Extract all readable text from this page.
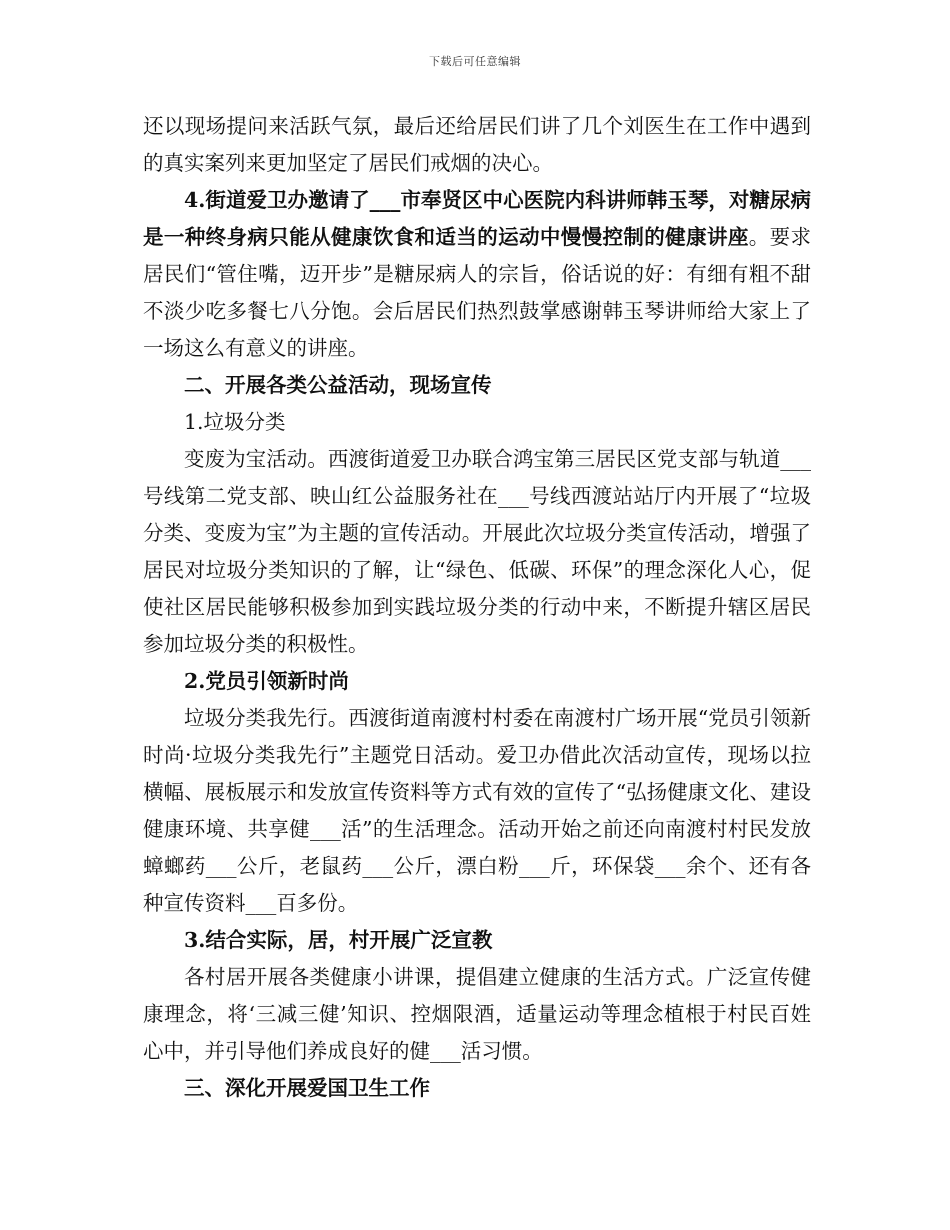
下载后可任意编辑

还以现场提问来活跃气氛，最后还给居民们讲了几个刘医生在工作中遇到的真实案列来更加坚定了居民们戒烟的决心。

4.街道爱卫办邀请了___市奉贤区中心医院内科讲师韩玉琴，对糖尿病是一种终身病只能从健康饮食和适当的运动中慢慢控制的健康讲座。要求居民们“管住嘴，迈开步”是糖尿病人的宗旨，俗话说的好：有细有粗不甜不淡少吃多餐七八分饱。会后居民们热烈鼓掌感谢韩玉琴讲师给大家上了一场这么有意义的讲座。

二、开展各类公益活动，现场宣传

1.垃圾分类

变废为宝活动。西渡街道爱卫办联合鸿宝第三居民区党支部与轨道___号线第二党支部、映山红公益服务社在___号线西渡站站厅内开展了“垃圾分类、变废为宝”为主题的宣传活动。开展此次垃圾分类宣传活动，增强了居民对垃圾分类知识的了解，让“绿色、低碳、环保”的理念深化人心，促使社区居民能够积极参加到实践垃圾分类的行动中来，不断提升辖区居民参加垃圾分类的积极性。

2.党员引领新时尚

垃圾分类我先行。西渡街道南渡村村委在南渡村广场开展“党员引领新时尚·垃圾分类我先行”主题党日活动。爱卫办借此次活动宣传，现场以拉横幅、展板展示和发放宣传资料等方式有效的宣传了“弘扬健康文化、建设健康环境、共享健___活”的生活理念。活动开始之前还向南渡村村民发放蟑螂药___公斤，老鼠药___公斤，漂白粉___斤，环保袋___余个、还有各种宣传资料___百多份。

3.结合实际，居，村开展广泛宣教

各村居开展各类健康小讲课，提倡建立健康的生活方式。广泛宣传健康理念，将‘三减三健’知识、控烟限酒，适量运动等理念植根于村民百姓心中，并引导他们养成良好的健___活习惯。

三、深化开展爱国卫生工作
